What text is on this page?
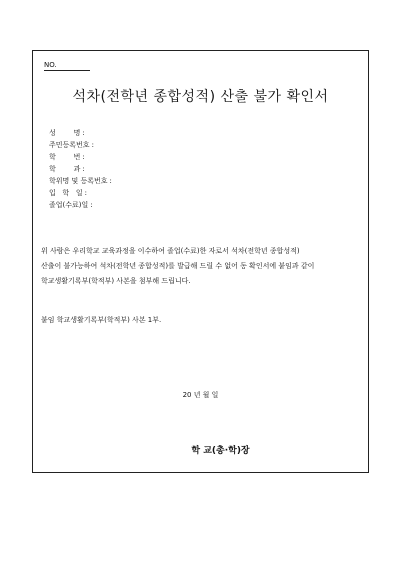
NO.
석차(전학년 종합성적) 산출 불가 확인서
성        명 :
주민등록번호 :
학        번 :
학        과 :
학위명 및 등록번호 :
입   학   일 :
졸업(수료)일 :
위 사람은 우리학교 교육과정을 이수하여 졸업(수료)한 자로서 석차(전학년 종합성적)
산출이 불가능하여 석차(전학년 종합성적)를 발급해 드릴 수 없어 동 확인서에 붙임과 같이
학교생활기록부(학적부) 사본을 첨부해 드립니다.
붙임 학교생활기록부(학적부) 사본 1부.
20 년 월 일
학 교(총·학)장
